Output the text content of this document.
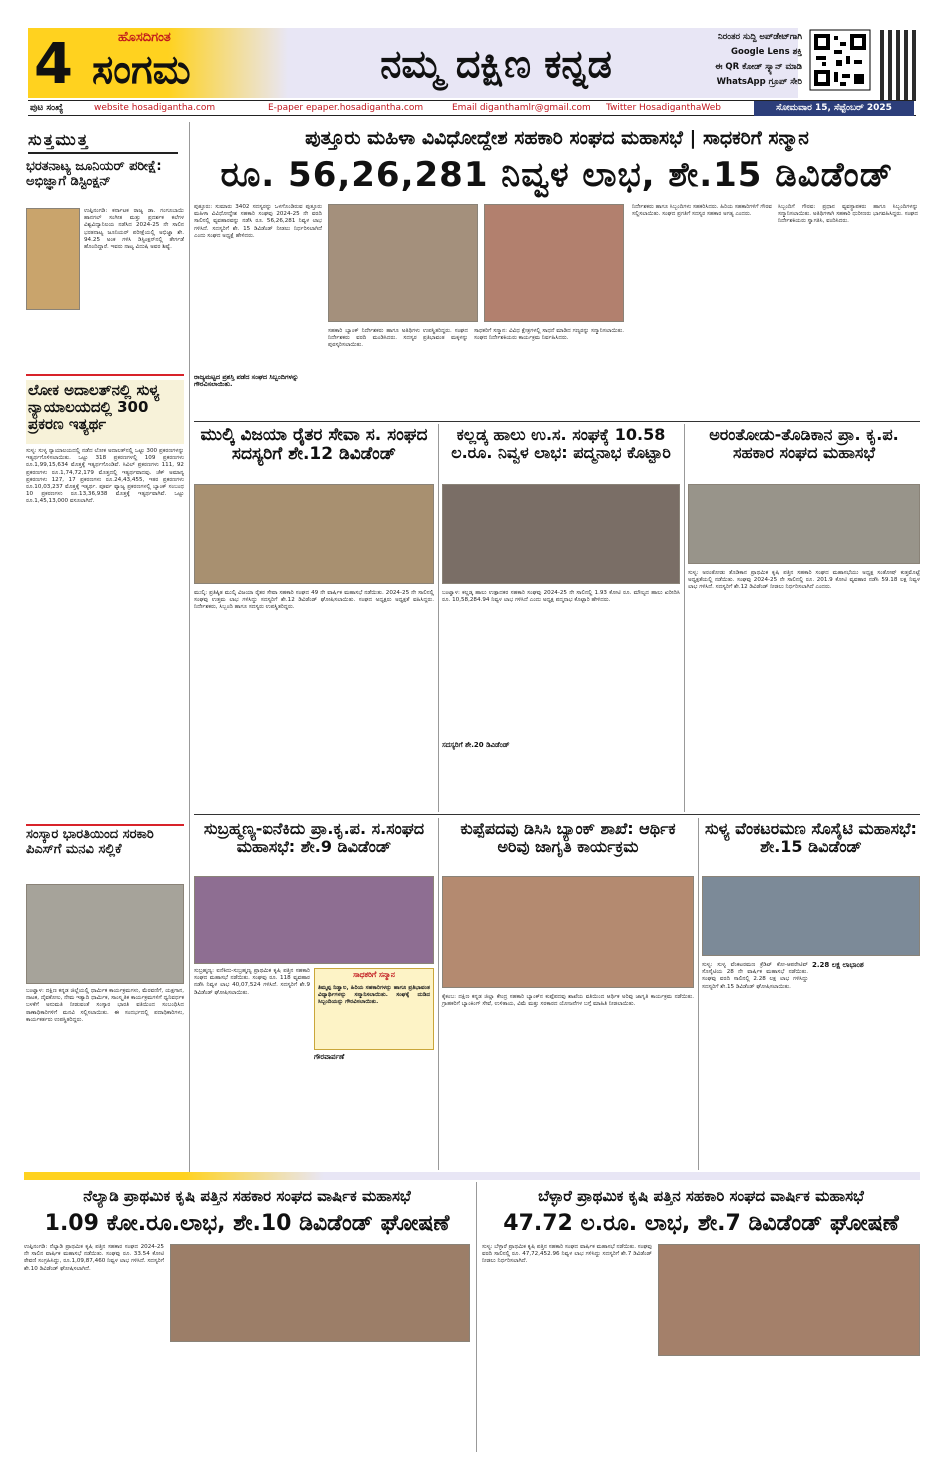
4	ಹೊಸದಿಗಂತ
ಸಂಗಮ	ನಮ್ಮ ದಕ್ಷಿಣ ಕನ್ನಡ
ನಿರಂತರ ಸುದ್ದಿ ಅಪ್‌ಡೇಟ್‌ಗಾಗಿ
Google Lens ಶಕ್ತಿ
ಈ QR ಕೋಡ್ ಸ್ಕ್ಯಾನ್ ಮಾಡಿ
WhatsApp ಗ್ರೂಪ್ ಸೇರಿ
ಪುಟ ಸಂಖ್ಯೆ	website hosadiganthа.com	E-paper epaper.hosadigantha.com	Email diganthamlr@gmail.com	Twitter HosadiganthaWeb	ಸೋಮವಾರ 15, ಸೆಪ್ಟೆಂಬರ್ 2025
ಸುತ್ತಮುತ್ತ
ಭರತನಾಟ್ಯ ಜೂನಿಯರ್ ಪರೀಕ್ಷೆ: ಅಭಿಜ್ಞಾಗೆ ಡಿಸ್ಟಿಂಕ್ಷನ್
ಉಪ್ಪಿನಂಗಡಿ: ಕರ್ನಾಟಕ ರಾಜ್ಯ ಡಾ. ಗಂಗೂಬಾಯಿ ಹಾನಗಲ್ ಸಂಗೀತ ಮತ್ತು ಪ್ರದರ್ಶಕ ಕಲೆಗಳ ವಿಶ್ವವಿದ್ಯಾನಿಲಯ ನಡೆಸಿದ 2024-25 ನೇ ಸಾಲಿನ ಭರತನಾಟ್ಯ ಜೂನಿಯರ್ ಪರೀಕ್ಷೆಯಲ್ಲಿ ಅಭಿಜ್ಞಾ ಶೇ. 94.25 ಅಂಕ ಗಳಿಸಿ ಡಿಸ್ಟಿಂಕ್ಷನ್‌ನಲ್ಲಿ ತೇರ್ಗಡೆ ಹೊಂದಿದ್ದಾರೆ. ಇವರು ನಾಟ್ಯ ವಿದುಷಿ ಅವರ ಶಿಷ್ಯೆ.
ಲೋಕ ಅದಾಲತ್‌ನಲ್ಲಿ ಸುಳ್ಯ ನ್ಯಾಯಾಲಯದಲ್ಲಿ 300 ಪ್ರಕರಣ ಇತ್ಯರ್ಥ
ಸುಳ್ಯ: ಸುಳ್ಯ ನ್ಯಾಯಾಲಯದಲ್ಲಿ ನಡೆದ ಲೋಕ ಅದಾಲತ್‌ನಲ್ಲಿ ಒಟ್ಟು 300 ಪ್ರಕರಣಗಳನ್ನು ಇತ್ಯರ್ಥಗೊಳಿಸಲಾಯಿತು. ಒಟ್ಟು 318 ಪ್ರಕರಣಗಳಲ್ಲಿ 109 ಪ್ರಕರಣಗಳು ರೂ.1,99,15,634 ಮೊತ್ತಕ್ಕೆ ಇತ್ಯರ್ಥಗೊಂಡಿವೆ. ಸಿವಿಲ್ ಪ್ರಕರಣಗಳು 111, 92 ಪ್ರಕರಣಗಳು ರೂ.1,74,72,179 ಮೊತ್ತದಲ್ಲಿ ಇತ್ಯರ್ಥವಾದವು. ಚೆಕ್ ಅಮಾನ್ಯ ಪ್ರಕರಣಗಳು 127, 17 ಪ್ರಕರಣಗಳು ರೂ.24,43,455, ಇತರ ಪ್ರಕರಣಗಳು ರೂ.10,03,237 ಮೊತ್ತಕ್ಕೆ ಇತ್ಯರ್ಥ. ಪೂರ್ವ ವ್ಯಾಜ್ಯ ಪ್ರಕರಣಗಳಲ್ಲಿ ಬ್ಯಾಂಕ್ ಸಂಬಂಧ 10 ಪ್ರಕರಣಗಳು ರೂ.13,36,938 ಮೊತ್ತಕ್ಕೆ ಇತ್ಯರ್ಥವಾಗಿವೆ. ಒಟ್ಟು ರೂ.1,45,13,000 ವಸೂಲಾಗಿದೆ.
ಸಂಸ್ಕಾರ ಭಾರತಿಯಿಂದ ಸರಕಾರಿ ಪಿಎಸ್‌ಗೆ ಮನವಿ ಸಲ್ಲಿಕೆ
ಬಂಟ್ವಾಳ: ದಕ್ಷಿಣ ಕನ್ನಡ ಜಿಲ್ಲೆಯಲ್ಲಿ ಧಾರ್ಮಿಕ ಕಾರ್ಯಕ್ರಮಗಳು, ಮೆರವಣಿಗೆ, ಯಕ್ಷಗಾನ, ನಾಟಕ, ದೈವಕೋಲ, ನೇಮ ಇತ್ಯಾದಿ ಧಾರ್ಮಿಕ, ಸಾಂಸ್ಕೃತಿಕ ಕಾರ್ಯಕ್ರಮಗಳಿಗೆ ಧ್ವನಿವರ್ಧಕ ಬಳಕೆಗೆ ಅನುಮತಿ ನೀಡುವಂತೆ ಸಂಸ್ಕಾರ ಭಾರತಿ ವತಿಯಿಂದ ಸಂಬಂಧಿಸಿದ ಠಾಣಾಧಿಕಾರಿಗಳಿಗೆ ಮನವಿ ಸಲ್ಲಿಸಲಾಯಿತು. ಈ ಸಂದರ್ಭದಲ್ಲಿ ಪದಾಧಿಕಾರಿಗಳು, ಕಾರ್ಯಕರ್ತರು ಉಪಸ್ಥಿತರಿದ್ದರು.
ಪುತ್ತೂರು ಮಹಿಳಾ ವಿವಿಧೋದ್ದೇಶ ಸಹಕಾರಿ ಸಂಘದ ಮಹಾಸಭೆ | ಸಾಧಕರಿಗೆ ಸನ್ಮಾನ
ರೂ. 56,26,281 ನಿವ್ವಳ ಲಾಭ, ಶೇ.15 ಡಿವಿಡೆಂಡ್
ಪುತ್ತೂರು: ಸುಮಾರು 3402 ಸದಸ್ಯರನ್ನು ಒಳಗೊಂಡಿರುವ ಪುತ್ತೂರು ಮಹಿಳಾ ವಿವಿಧೋದ್ದೇಶ ಸಹಕಾರಿ ಸಂಘವು 2024-25 ನೇ ವರದಿ ಸಾಲಿನಲ್ಲಿ ವ್ಯವಹಾರವನ್ನು ನಡೆಸಿ ರೂ. 56,26,281 ನಿವ್ವಳ ಲಾಭ ಗಳಿಸಿದೆ. ಸದಸ್ಯರಿಗೆ ಶೇ. 15 ಡಿವಿಡೆಂಡ್ ನೀಡಲು ನಿರ್ಧರಿಸಲಾಗಿದೆ ಎಂದು ಸಂಘದ ಅಧ್ಯಕ್ಷೆ ಹೇಳಿದರು.
ರಾಜ್ಯಮಟ್ಟದ ಪ್ರಶಸ್ತಿ ಪಡೆದ ಸಂಘದ ಸಿಬ್ಬಂದಿಗಳನ್ನು ಗೌರವಿಸಲಾಯಿತು.
ಸಹಕಾರಿ ಬ್ಯಾಂಕ್ ನಿರ್ದೇಶಕರು ಹಾಗೂ ಅತಿಥಿಗಳು ಉಪಸ್ಥಿತರಿದ್ದರು. ಸಂಘದ ನಿರ್ದೇಶಕರು ವರದಿ ಮಂಡಿಸಿದರು. ಸದಸ್ಯರ ಪ್ರತಿಭಾವಂತ ಮಕ್ಕಳನ್ನು ಪುರಸ್ಕರಿಸಲಾಯಿತು.
ಸಾಧಕರಿಗೆ ಸನ್ಮಾನ: ವಿವಿಧ ಕ್ಷೇತ್ರಗಳಲ್ಲಿ ಸಾಧನೆ ಮಾಡಿದ ಗಣ್ಯರನ್ನು ಸನ್ಮಾನಿಸಲಾಯಿತು. ಸಂಘದ ನಿರ್ದೇಶಕಿಯರು ಕಾರ್ಯಕ್ರಮ ನಿರ್ವಹಿಸಿದರು.
ನಿರ್ದೇಶಕರು ಹಾಗೂ ಸಿಬ್ಬಂದಿಗಳು ಸಹಕರಿಸಿದರು. ಹಿರಿಯ ಸಹಕಾರಿಗಳಿಗೆ ಗೌರವ ಸಲ್ಲಿಸಲಾಯಿತು. ಸಂಘದ ಪ್ರಗತಿಗೆ ಸದಸ್ಯರ ಸಹಕಾರ ಅಗತ್ಯ ಎಂದರು.
ಸಿಬ್ಬಂದಿಗೆ ಗೌರವ: ಪ್ರಧಾನ ವ್ಯವಸ್ಥಾಪಕರು ಹಾಗೂ ಸಿಬ್ಬಂದಿಗಳನ್ನು ಸನ್ಮಾನಿಸಲಾಯಿತು. ಅತಿಥಿಗಳಾಗಿ ಸಹಕಾರಿ ಧುರೀಣರು ಭಾಗವಹಿಸಿದ್ದರು. ಸಂಘದ ನಿರ್ದೇಶಕಿಯರು ಸ್ವಾಗತಿಸಿ, ವಂದಿಸಿದರು.
ಮುಲ್ಕಿ ವಿಜಯಾ ರೈತರ ಸೇವಾ ಸ. ಸಂಘದ ಸದಸ್ಯರಿಗೆ ಶೇ.12 ಡಿವಿಡೆಂಡ್
ಮುಲ್ಕಿ: ಪ್ರತಿಷ್ಠಿತ ಮುಲ್ಕಿ ವಿಜಯಾ ರೈತರ ಸೇವಾ ಸಹಕಾರಿ ಸಂಘದ 49 ನೇ ವಾರ್ಷಿಕ ಮಹಾಸಭೆ ನಡೆಯಿತು. 2024-25 ನೇ ಸಾಲಿನಲ್ಲಿ ಸಂಘವು ಉತ್ತಮ ಲಾಭ ಗಳಿಸಿದ್ದು ಸದಸ್ಯರಿಗೆ ಶೇ.12 ಡಿವಿಡೆಂಡ್ ಘೋಷಿಸಲಾಯಿತು. ಸಂಘದ ಅಧ್ಯಕ್ಷರು ಅಧ್ಯಕ್ಷತೆ ವಹಿಸಿದ್ದರು. ನಿರ್ದೇಶಕರು, ಸಿಬ್ಬಂದಿ ಹಾಗೂ ಸದಸ್ಯರು ಉಪಸ್ಥಿತರಿದ್ದರು.
ಕಲ್ಲಡ್ಕ ಹಾಲು ಉ.ಸ. ಸಂಘಕ್ಕೆ 10.58 ಲ.ರೂ. ನಿವ್ವಳ ಲಾಭ: ಪದ್ಮನಾಭ ಕೊಟ್ಟಾರಿ
ಬಂಟ್ವಾಳ: ಕಲ್ಲಡ್ಕ ಹಾಲು ಉತ್ಪಾದಕರ ಸಹಕಾರಿ ಸಂಘವು 2024-25 ನೇ ಸಾಲಿನಲ್ಲಿ 1.93 ಕೋಟಿ ರೂ. ಮೌಲ್ಯದ ಹಾಲು ಖರೀದಿಸಿ ರೂ. 10,58,284.94 ನಿವ್ವಳ ಲಾಭ ಗಳಿಸಿದೆ ಎಂದು ಅಧ್ಯಕ್ಷ ಪದ್ಮನಾಭ ಕೊಟ್ಟಾರಿ ಹೇಳಿದರು.
ಸದಸ್ಯರಿಗೆ ಶೇ.20 ಡಿವಿಡೆಂಡ್
ಅರಂತೋಡು-ತೊಡಿಕಾನ ಪ್ರಾ. ಕೃ.ಪ. ಸಹಕಾರ ಸಂಘದ ಮಹಾಸಭೆ
ಸುಳ್ಯ: ಅರಂತೋಡು ತೊಡಿಕಾನ ಪ್ರಾಥಮಿಕ ಕೃಷಿ ಪತ್ತಿನ ಸಹಕಾರಿ ಸಂಘದ ಮಹಾಸಭೆಯು ಅಧ್ಯಕ್ಷ ಸಂತೋಷ್ ಕುತ್ತಮೊಟ್ಟೆ ಅಧ್ಯಕ್ಷತೆಯಲ್ಲಿ ನಡೆಯಿತು. ಸಂಘವು 2024-25 ನೇ ಸಾಲಿನಲ್ಲಿ ರೂ. 201.9 ಕೋಟಿ ವ್ಯವಹಾರ ನಡೆಸಿ 59.18 ಲಕ್ಷ ನಿವ್ವಳ ಲಾಭ ಗಳಿಸಿದೆ. ಸದಸ್ಯರಿಗೆ ಶೇ.12 ಡಿವಿಡೆಂಡ್ ನೀಡಲು ನಿರ್ಧರಿಸಲಾಗಿದೆ ಎಂದರು.
ಸುಬ್ರಹ್ಮಣ್ಯ-ಐನೆಕಿದು ಪ್ರಾ.ಕೃ.ಪ. ಸ.ಸಂಘದ ಮಹಾಸಭೆ: ಶೇ.9 ಡಿವಿಡೆಂಡ್
ಸುಬ್ರಹ್ಮಣ್ಯ: ಐನೆಕಿದು-ಸುಬ್ರಹ್ಮಣ್ಯ ಪ್ರಾಥಮಿಕ ಕೃಷಿ ಪತ್ತಿನ ಸಹಕಾರಿ ಸಂಘದ ಮಹಾಸಭೆ ನಡೆಯಿತು. ಸಂಘವು ರೂ. 118 ವ್ಯವಹಾರ ನಡೆಸಿ ನಿವ್ವಳ ಲಾಭ 40,07,524 ಗಳಿಸಿದೆ. ಸದಸ್ಯರಿಗೆ ಶೇ.9 ಡಿವಿಡೆಂಡ್ ಘೋಷಿಸಲಾಯಿತು.
ಸಾಧಕರಿಗೆ ಸನ್ಮಾನ
ತಿಮ್ಮಪ್ಪ ನಿಡ್ವಾಲ, ಹಿರಿಯ ಸಹಕಾರಿಗಳನ್ನು ಹಾಗೂ ಪ್ರತಿಭಾವಂತ ವಿದ್ಯಾರ್ಥಿಗಳನ್ನು ಸನ್ಮಾನಿಸಲಾಯಿತು. ಸಂಘಕ್ಕೆ ದುಡಿದ ಸಿಬ್ಬಂದಿಯನ್ನು ಗೌರವಿಸಲಾಯಿತು.
ಗೌರವಾರ್ಪಣೆ
ಕುಪ್ಪೆಪದವು ಡಿಸಿಸಿ ಬ್ಯಾಂಕ್ ಶಾಖೆ: ಆರ್ಥಿಕ ಅರಿವು ಜಾಗೃತಿ ಕಾರ್ಯಕ್ರಮ
ಕೈಕಂಬ: ದಕ್ಷಿಣ ಕನ್ನಡ ಜಿಲ್ಲಾ ಕೇಂದ್ರ ಸಹಕಾರಿ ಬ್ಯಾಂಕ್‌ನ ಕುಪ್ಪೆಪದವು ಶಾಖೆಯ ವತಿಯಿಂದ ಆರ್ಥಿಕ ಅರಿವು ಜಾಗೃತಿ ಕಾರ್ಯಕ್ರಮ ನಡೆಯಿತು. ಗ್ರಾಹಕರಿಗೆ ಬ್ಯಾಂಕಿಂಗ್ ಸೇವೆ, ಉಳಿತಾಯ, ವಿಮೆ ಮತ್ತು ಸರಕಾರದ ಯೋಜನೆಗಳ ಬಗ್ಗೆ ಮಾಹಿತಿ ನೀಡಲಾಯಿತು.
ಸುಳ್ಯ ವೆಂಕಟರಮಣ ಸೊಸೈಟಿ ಮಹಾಸಭೆ: ಶೇ.15 ಡಿವಿಡೆಂಡ್
ಸುಳ್ಯ: ಸುಳ್ಯ ವೆಂಕಟರಮಣ ಕ್ರೆಡಿಟ್ ಕೋ-ಆಪರೇಟಿವ್ ಸೊಸೈಟಿಯ 28 ನೇ ವಾರ್ಷಿಕ ಮಹಾಸಭೆ ನಡೆಯಿತು. ಸಂಘವು ವರದಿ ಸಾಲಿನಲ್ಲಿ 2.28 ಲಕ್ಷ ಲಾಭ ಗಳಿಸಿದ್ದು ಸದಸ್ಯರಿಗೆ ಶೇ.15 ಡಿವಿಡೆಂಡ್ ಘೋಷಿಸಲಾಯಿತು.
2.28 ಲಕ್ಷ ಲಾಭಾಂಶ
ನೆಲ್ಯಾಡಿ ಪ್ರಾಥಮಿಕ ಕೃಷಿ ಪತ್ತಿನ ಸಹಕಾರ ಸಂಘದ ವಾರ್ಷಿಕ ಮಹಾಸಭೆ
1.09 ಕೋ.ರೂ.ಲಾಭ, ಶೇ.10 ಡಿವಿಡೆಂಡ್ ಘೋಷಣೆ
ಉಪ್ಪಿನಂಗಡಿ: ನೆಲ್ಯಾಡಿ ಪ್ರಾಥಮಿಕ ಕೃಷಿ ಪತ್ತಿನ ಸಹಕಾರ ಸಂಘದ 2024-25 ನೇ ಸಾಲಿನ ವಾರ್ಷಿಕ ಮಹಾಸಭೆ ನಡೆಯಿತು. ಸಂಘವು ರೂ. 33.54 ಕೋಟಿ ಠೇವಣಿ ಸಂಗ್ರಹಿಸಿದ್ದು, ರೂ.1,09,87,460 ನಿವ್ವಳ ಲಾಭ ಗಳಿಸಿದೆ. ಸದಸ್ಯರಿಗೆ ಶೇ.10 ಡಿವಿಡೆಂಡ್ ಘೋಷಿಸಲಾಗಿದೆ.
ಬೆಳ್ಳಾರೆ ಪ್ರಾಥಮಿಕ ಕೃಷಿ ಪತ್ತಿನ ಸಹಕಾರಿ ಸಂಘದ ವಾರ್ಷಿಕ ಮಹಾಸಭೆ
47.72 ಲ.ರೂ. ಲಾಭ, ಶೇ.7 ಡಿವಿಡೆಂಡ್ ಘೋಷಣೆ
ಸುಳ್ಯ: ಬೆಳ್ಳಾರೆ ಪ್ರಾಥಮಿಕ ಕೃಷಿ ಪತ್ತಿನ ಸಹಕಾರಿ ಸಂಘದ ವಾರ್ಷಿಕ ಮಹಾಸಭೆ ನಡೆಯಿತು. ಸಂಘವು ವರದಿ ಸಾಲಿನಲ್ಲಿ ರೂ. 47,72,452.96 ನಿವ್ವಳ ಲಾಭ ಗಳಿಸಿದ್ದು ಸದಸ್ಯರಿಗೆ ಶೇ.7 ಡಿವಿಡೆಂಡ್ ನೀಡಲು ನಿರ್ಧರಿಸಲಾಗಿದೆ.
